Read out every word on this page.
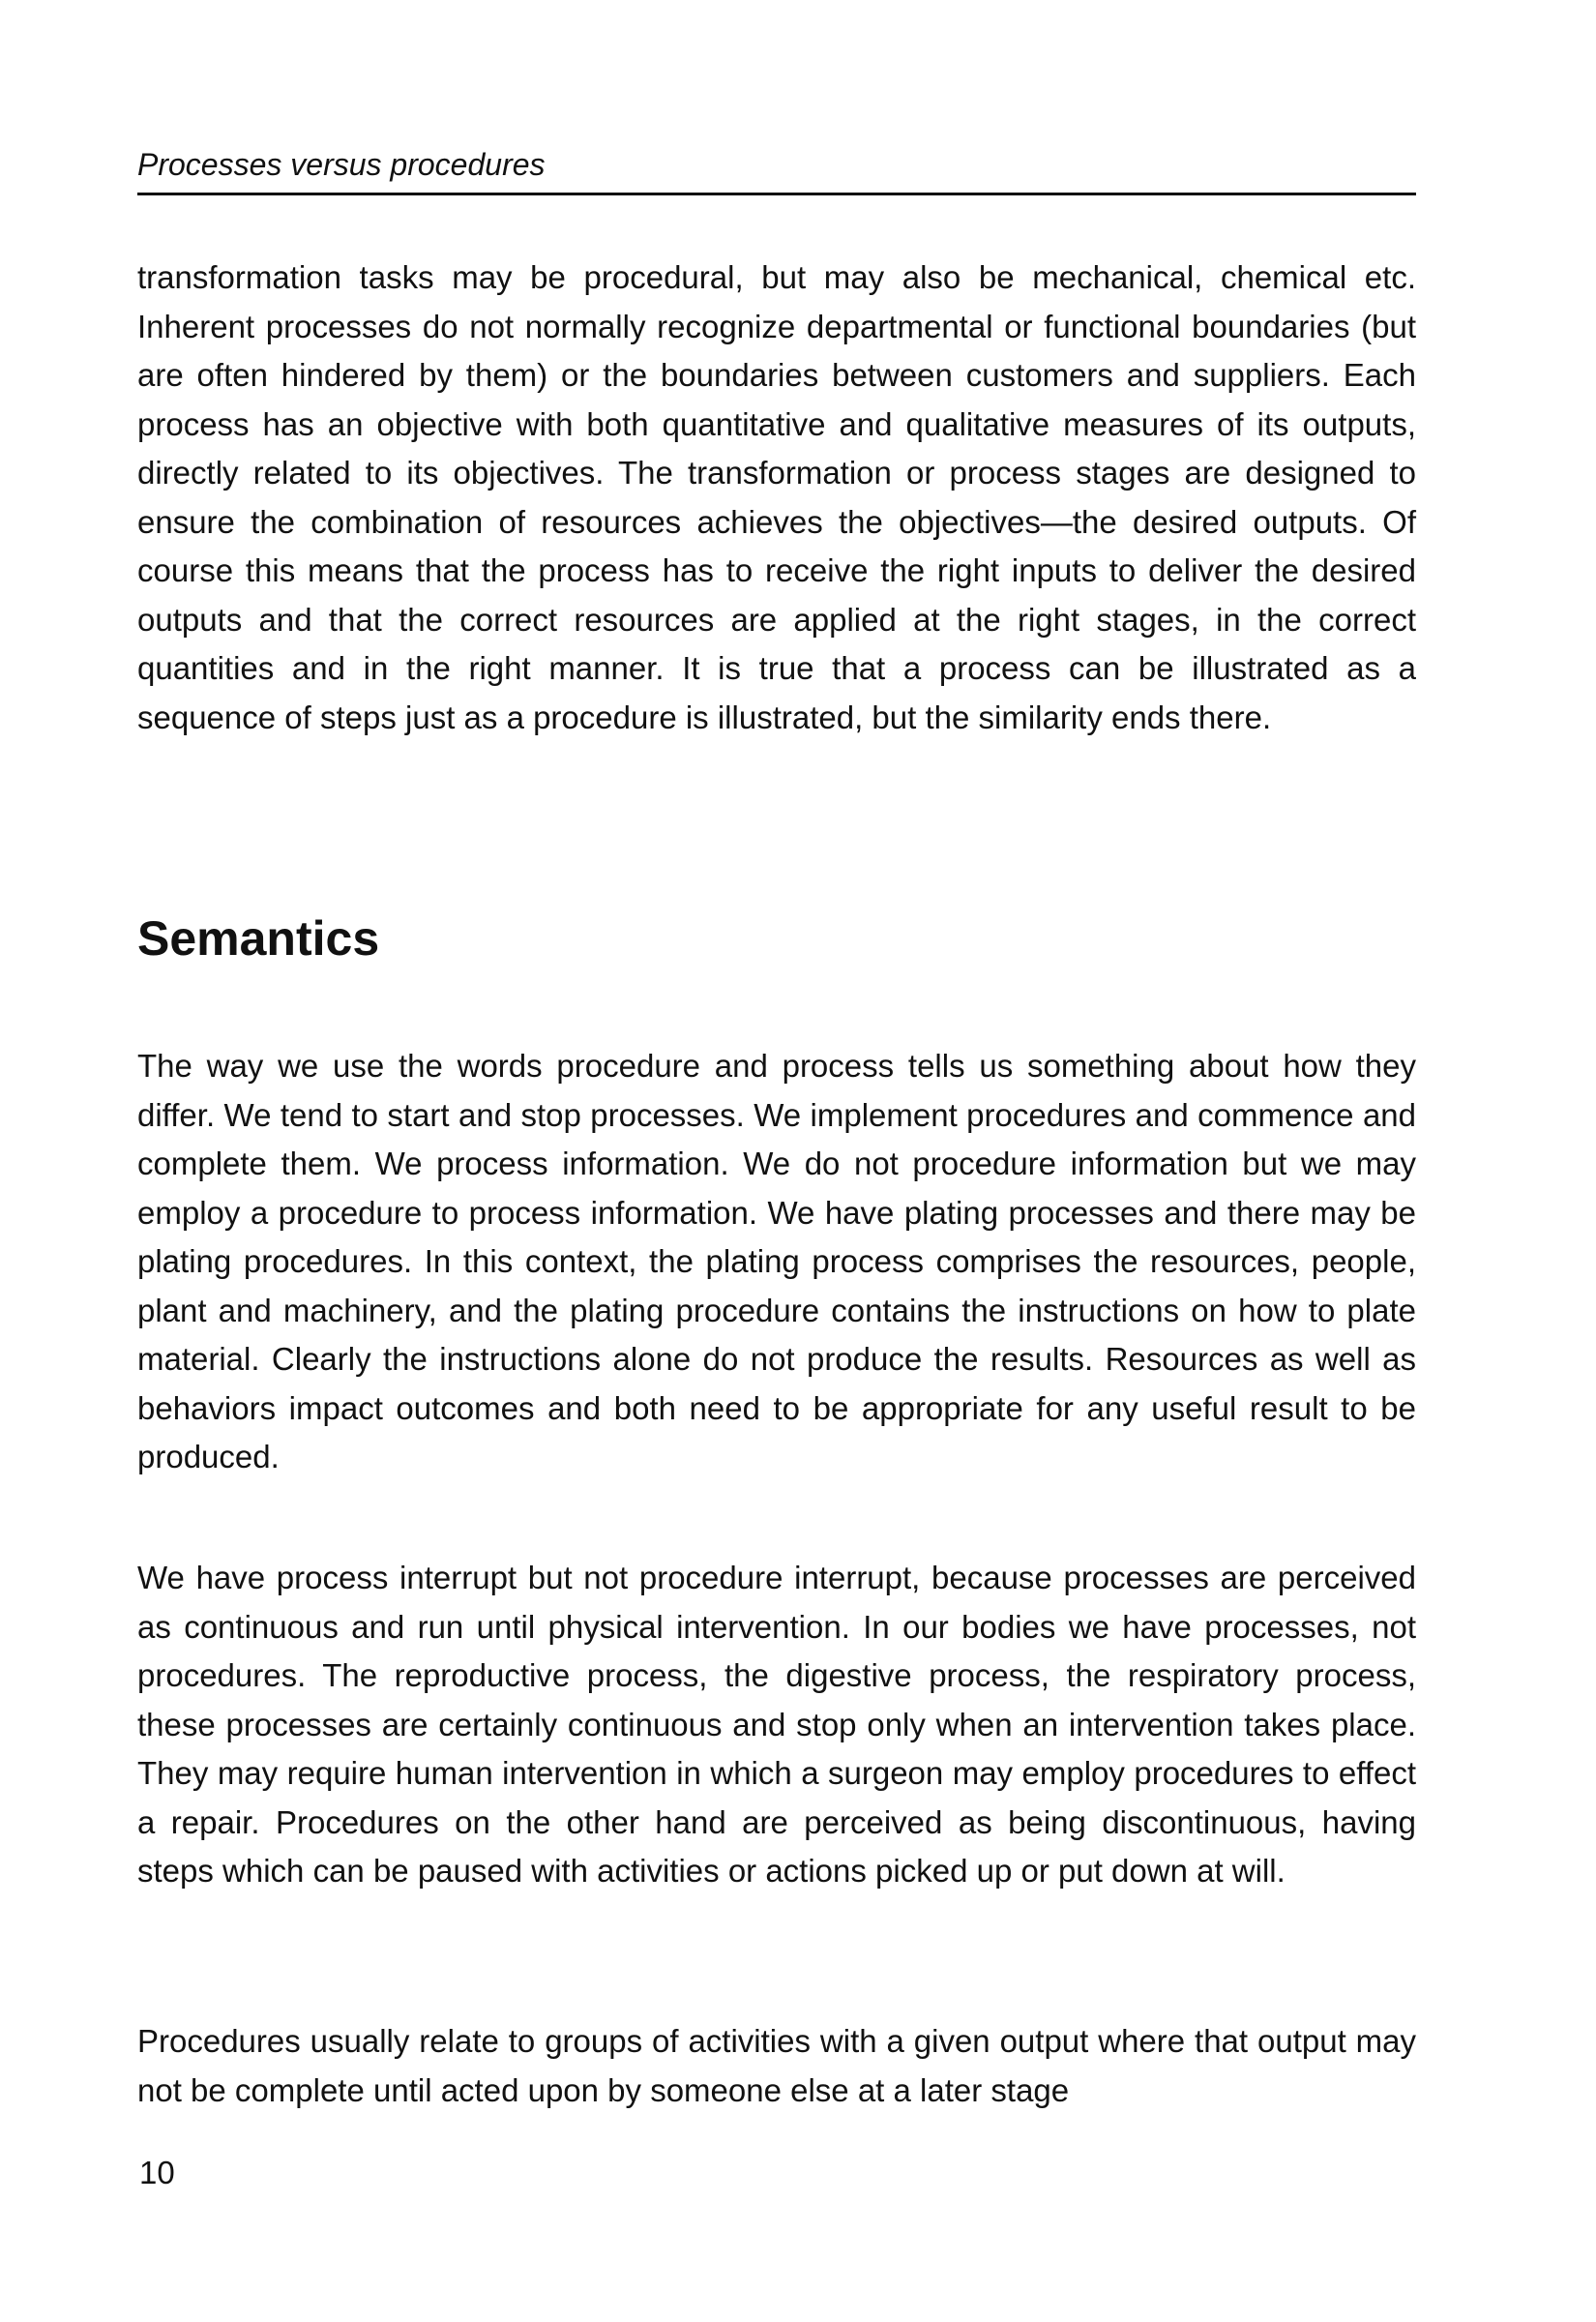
Processes versus procedures

transformation tasks may be procedural, but may also be mechanical, chemical etc. Inherent processes do not normally recognize departmental or functional boundaries (but are often hindered by them) or the boundaries between customers and suppliers. Each process has an objective with both quantitative and qualitative measures of its outputs, directly related to its objectives. The transformation or process stages are designed to ensure the combination of resources achieves the objectives—the desired outputs. Of course this means that the process has to receive the right inputs to deliver the desired outputs and that the correct resources are applied at the right stages, in the correct quantities and in the right manner. It is true that a process can be illustrated as a sequence of steps just as a procedure is illustrated, but the similarity ends there.

Semantics

The way we use the words procedure and process tells us something about how they differ. We tend to start and stop processes. We implement procedures and commence and complete them. We process information. We do not procedure information but we may employ a procedure to process information. We have plating processes and there may be plating procedures. In this context, the plating process comprises the resources, people, plant and machinery, and the plating procedure contains the instructions on how to plate material. Clearly the instructions alone do not produce the results. Resources as well as behaviors impact outcomes and both need to be appropriate for any useful result to be produced.

We have process interrupt but not procedure interrupt, because processes are perceived as continuous and run until physical intervention. In our bodies we have processes, not procedures. The reproductive process, the digestive process, the respiratory process, these processes are certainly continuous and stop only when an intervention takes place. They may require human intervention in which a surgeon may employ procedures to effect a repair. Procedures on the other hand are perceived as being discontinuous, having steps which can be paused with activities or actions picked up or put down at will.

Procedures usually relate to groups of activities with a given output where that output may not be complete until acted upon by someone else at a later stage

10
